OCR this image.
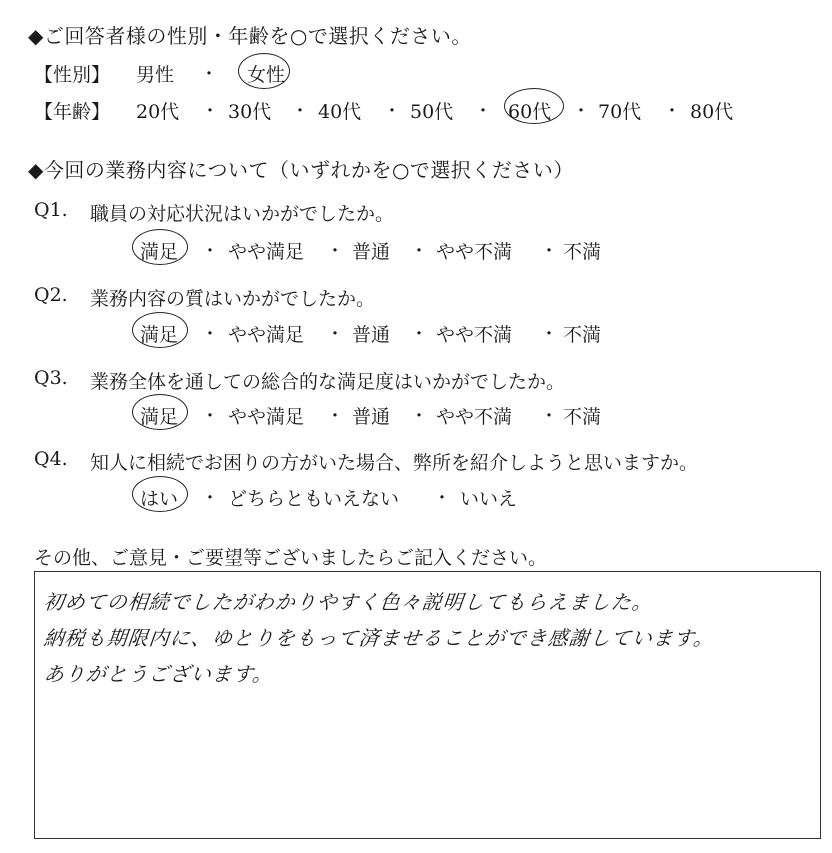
◆ご回答者様の性別・年齢を○で選択ください。
【性別】 男性 ・ 女性
【年齢】 20代 ・ 30代 ・ 40代 ・ 50代 ・ 60代 ・ 70代 ・ 80代
◆今回の業務内容について（いずれかを○で選択ください）
Q1. 職員の対応状況はいかがでしたか。
満足 ・ やや満足 ・ 普通 ・ やや不満 ・ 不満
Q2. 業務内容の質はいかがでしたか。
満足 ・ やや満足 ・ 普通 ・ やや不満 ・ 不満
Q3. 業務全体を通しての総合的な満足度はいかがでしたか。
満足 ・ やや満足 ・ 普通 ・ やや不満 ・ 不満
Q4. 知人に相続でお困りの方がいた場合、弊所を紹介しようと思いますか。
はい ・ どちらともいえない ・ いいえ
その他、ご意見・ご要望等ございましたらご記入ください。
初めての相続でしたがわかりやすく色々説明してもらえました。
納税も期限内に、ゆとりをもって済ませることができ感謝しています。
ありがとうございます。
